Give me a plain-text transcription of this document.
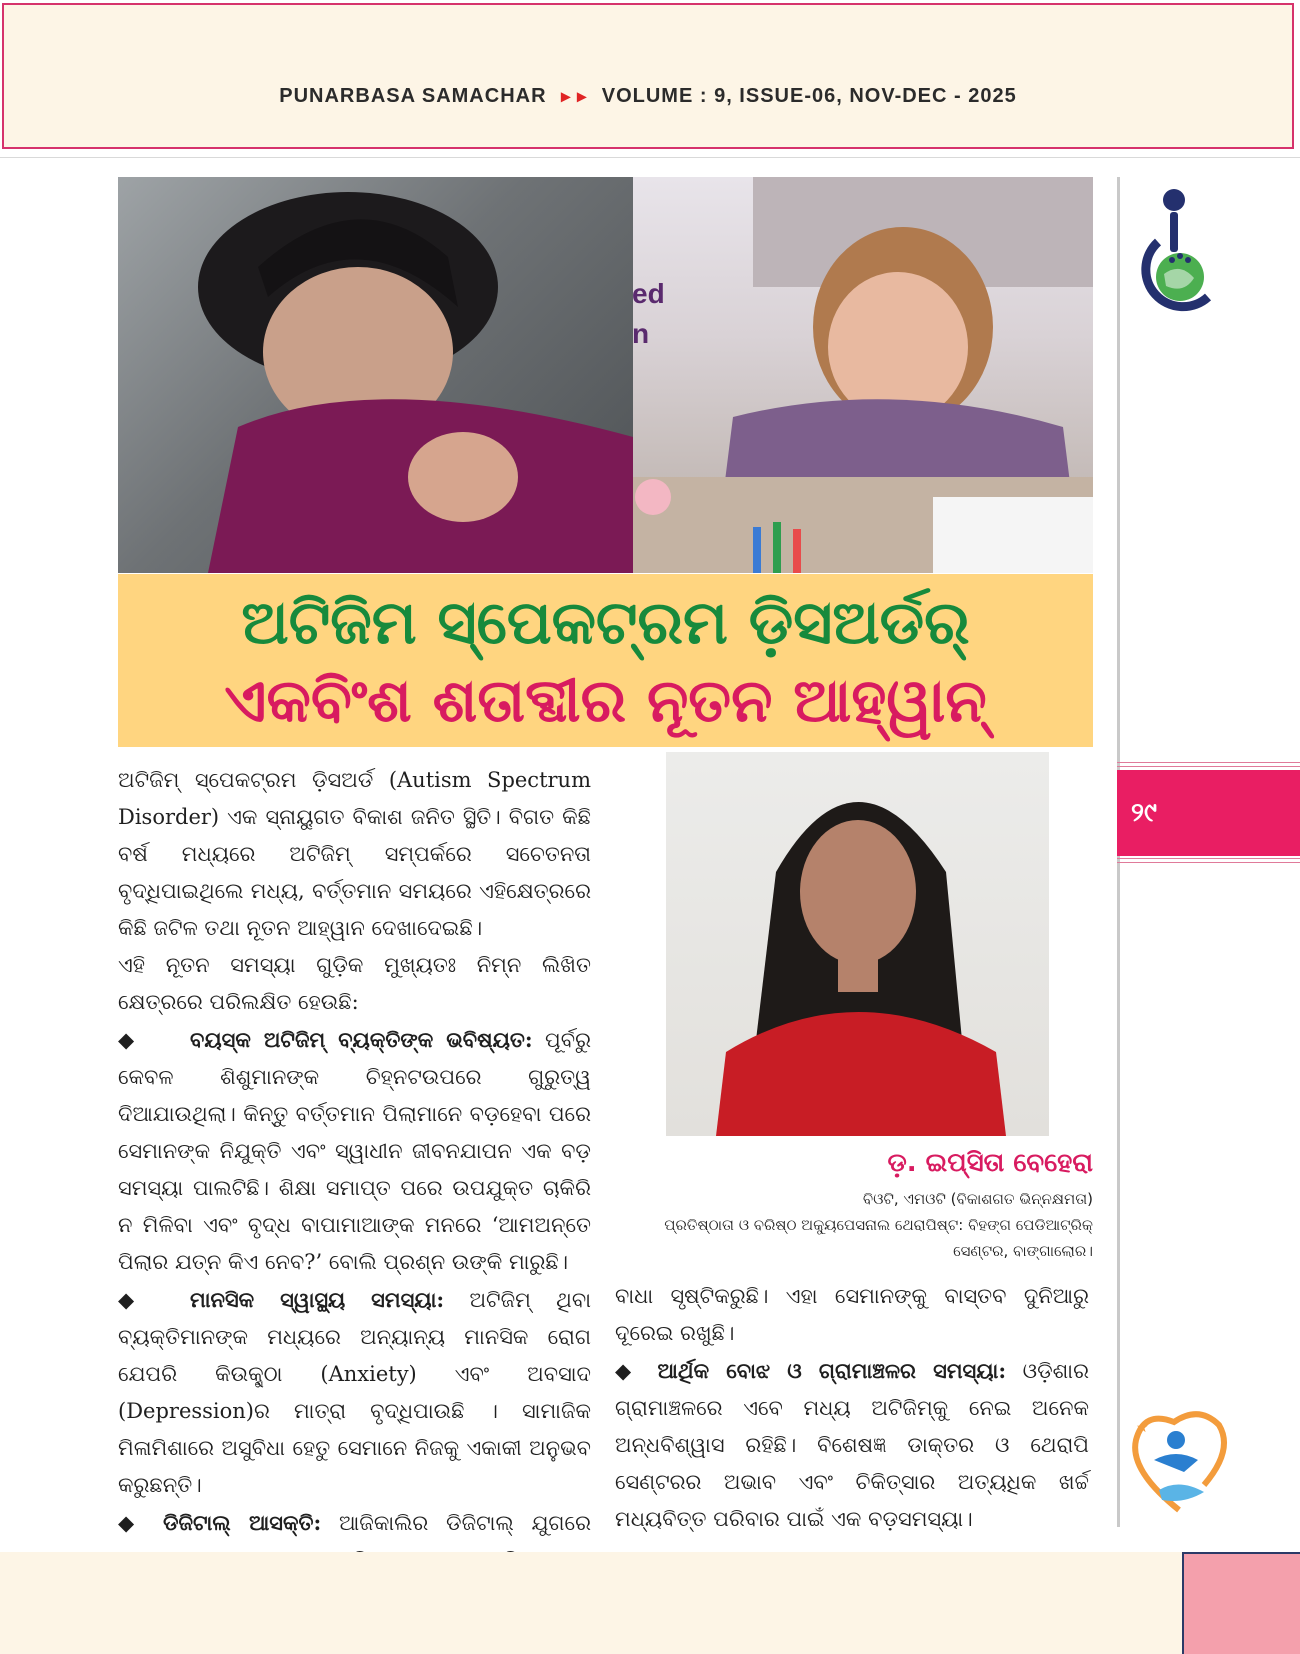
PUNARBASA SAMACHAR ▸ ▸ VOLUME : 9, ISSUE-06, NOV-DEC - 2025
୨୯
ed
n
ଅଟିଜିମ ସ୍ପେକଟ୍ରମ ଡ଼ିସଅର୍ଡର୍
ଏକବିଂଶ ଶତାବ୍ଦୀର ନୂତନ ଆହ୍ୱାନ୍

ଅଟିଜିମ୍ ସ୍ପେକଟ୍ରମ ଡ଼ିସଅର୍ଡ (Autism Spectrum Disorder) ଏକ ସ୍ନାୟୁଗତ ବିକାଶ ଜନିତ ସ୍ଥିତି। ବିଗତ କିଛି ବର୍ଷ ମଧ୍ୟରେ ଅଟିଜିମ୍ ସମ୍ପର୍କରେ ସଚେତନତା ବୃଦ୍ଧିପାଇଥିଲେ ମଧ୍ୟ, ବର୍ତ୍ତମାନ ସମୟରେ ଏହିକ୍ଷେତ୍ରରେ କିଛି ଜଟିଳ ତଥା ନୂତନ ଆହ୍ୱାନ ଦେଖାଦେଇଛି।

ଏହି ନୂତନ ସମସ୍ୟା ଗୁଡ଼ିକ ମୁଖ୍ୟତଃ ନିମ୍ନ ଲିଖିତ କ୍ଷେତ୍ରରେ ପରିଲକ୍ଷିତ ହେଉଛି:

◆	ବୟସ୍କ ଅଟିଜିମ୍ ବ୍ୟକ୍ତିଙ୍କ ଭବିଷ୍ୟତ: ପୂର୍ବରୁ କେବଳ ଶିଶୁମାନଙ୍କ ଚିହ୍ନଟଉପରେ ଗୁରୁତ୍ୱ ଦିଆଯାଉଥିଲା। କିନ୍ତୁ ବର୍ତ୍ତମାନ ପିଲାମାନେ ବଡ଼ହେବା ପରେ ସେମାନଙ୍କ ନିଯୁକ୍ତି ଏବଂ ସ୍ୱାଧୀନ ଜୀବନଯାପନ ଏକ ବଡ଼ ସମସ୍ୟା ପାଲଟିଛି। ଶିକ୍ଷା ସମାପ୍ତ ପରେ ଉପଯୁକ୍ତ ଚାକିରି ନ ମିଳିବା ଏବଂ ବୃଦ୍ଧ ବାପାମାଆଙ୍କ ମନରେ ‘ଆମଅନ୍ତେ ପିଲାର ଯତ୍ନ କିଏ ନେବ?’ ବୋଲି ପ୍ରଶ୍ନ ଉଙ୍କି ମାରୁଛି।

◆	ମାନସିକ ସ୍ୱାସ୍ଥ୍ୟ ସମସ୍ୟା: ଅଟିଜିମ୍ ଥିବା ବ୍ୟକ୍ତିମାନଙ୍କ ମଧ୍ୟରେ ଅନ୍ୟାନ୍ୟ ମାନସିକ ରୋଗ ଯେପରି କିଉକ୍ଣ୍ଠା (Anxiety) ଏବଂ ଅବସାଦ (Depression)ର ମାତ୍ରା ବୃଦ୍ଧିପାଉଛି । ସାମାଜିକ ମିଳାମିଶାରେ ଅସୁବିଧା ହେତୁ ସେମାନେ ନିଜକୁ ଏକାକୀ ଅନୁଭବ କରୁଛନ୍ତି।

◆ ଡିଜିଟାଲ୍ ଆସକ୍ତି: ଆଜିକାଲିର ଡିଜିଟାଲ୍ ଯୁଗରେ

ଡ଼. ଇପ୍ସିତା ବେହେରା
ବିଓଟି, ଏମଓଟି (ବିକାଶଗତ ଭିନ୍ନକ୍ଷମତା)
ପ୍ରତିଷ୍ଠାତା ଓ ବରିଷ୍ଠ ଅକ୍ୟୁପେସନାଲ ଥେରାପିଷ୍ଟ: ବିହଙ୍ଗ ପେଡିଆଟ୍ରିକ୍
ସେଣ୍ଟର, ବାଙ୍ଗାଲୋର।

ବାଧା ସୃଷ୍ଟିକରୁଛି। ଏହା ସେମାନଙ୍କୁ ବାସ୍ତବ ଦୁନିଆରୁ ଦୂରେଇ ରଖୁଛି।

◆ ଆର୍ଥିକ ବୋଝ ଓ ଗ୍ରାମାଞ୍ଚଳର ସମସ୍ୟା: ଓଡ଼ିଶାର ଗ୍ରାମାଞ୍ଚଳରେ ଏବେ ମଧ୍ୟ ଅଟିଜିମ୍‌କୁ ନେଇ ଅନେକ ଅନ୍ଧବିଶ୍ୱାସ ରହିଛି। ବିଶେଷଜ୍ଞ ଡାକ୍ତର ଓ ଥେରାପି ସେଣ୍ଟରର ଅଭାବ ଏବଂ ଚିକିତ୍ସାର ଅତ୍ୟଧିକ ଖର୍ଚ୍ଚ ମଧ୍ୟବିତ୍ତ ପରିବାର ପାଇଁ ଏକ ବଡ଼ସମସ୍ୟା।

★
